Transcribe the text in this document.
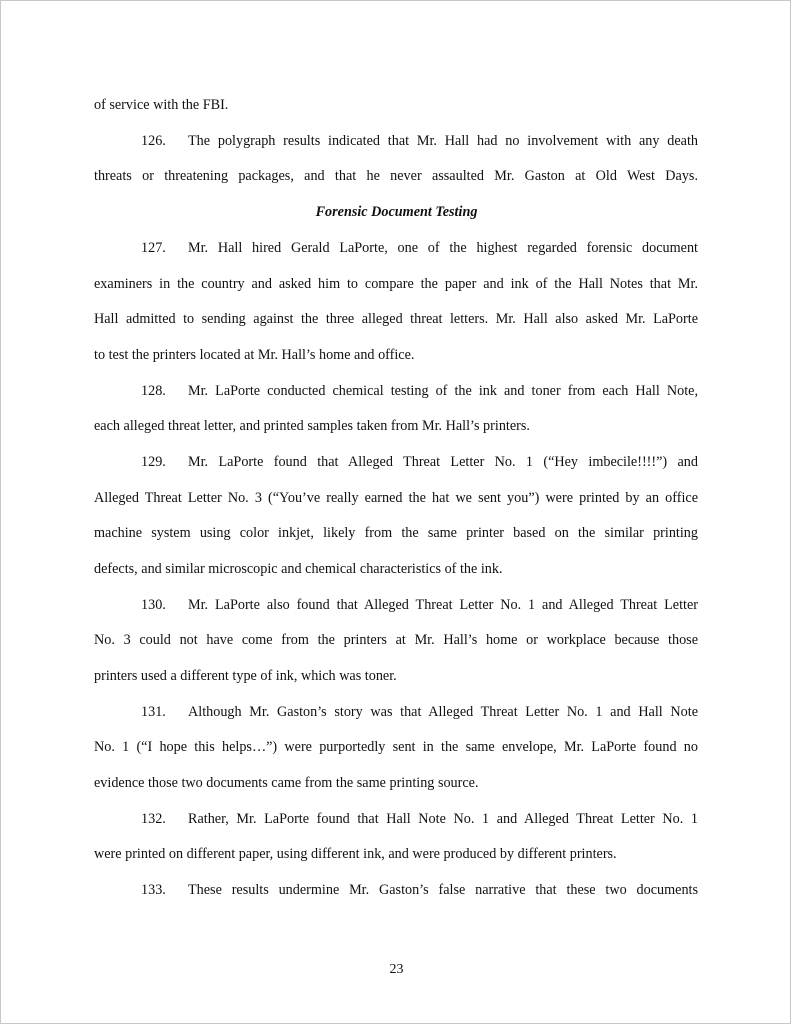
of service with the FBI.
126. The polygraph results indicated that Mr. Hall had no involvement with any death
threats or threatening packages, and that he never assaulted Mr. Gaston at Old West Days.
Forensic Document Testing
127. Mr. Hall hired Gerald LaPorte, one of the highest regarded forensic document
examiners in the country and asked him to compare the paper and ink of the Hall Notes that Mr.
Hall admitted to sending against the three alleged threat letters. Mr. Hall also asked Mr. LaPorte
to test the printers located at Mr. Hall’s home and office.
128. Mr. LaPorte conducted chemical testing of the ink and toner from each Hall Note,
each alleged threat letter, and printed samples taken from Mr. Hall’s printers.
129. Mr. LaPorte found that Alleged Threat Letter No. 1 (“Hey imbecile!!!!”) and
Alleged Threat Letter No. 3 (“You’ve really earned the hat we sent you”) were printed by an office
machine system using color inkjet, likely from the same printer based on the similar printing
defects, and similar microscopic and chemical characteristics of the ink.
130. Mr. LaPorte also found that Alleged Threat Letter No. 1 and Alleged Threat Letter
No. 3 could not have come from the printers at Mr. Hall’s home or workplace because those
printers used a different type of ink, which was toner.
131. Although Mr. Gaston’s story was that Alleged Threat Letter No. 1 and Hall Note
No. 1 (“I hope this helps…”) were purportedly sent in the same envelope, Mr. LaPorte found no
evidence those two documents came from the same printing source.
132. Rather, Mr. LaPorte found that Hall Note No. 1 and Alleged Threat Letter No. 1
were printed on different paper, using different ink, and were produced by different printers.
133. These results undermine Mr. Gaston’s false narrative that these two documents
23
